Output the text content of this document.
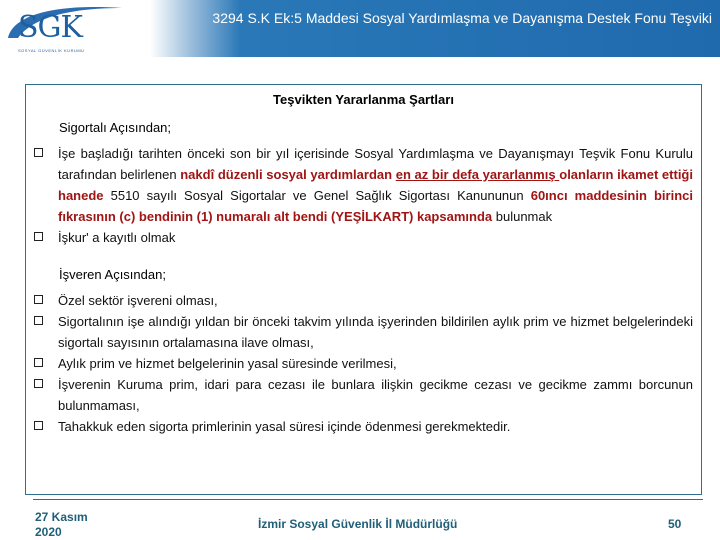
SGK
SOSYAL GÜVENLİK KURUMU
3294 S.K Ek:5 Maddesi Sosyal Yardımlaşma ve Dayanışma Destek Fonu Teşviki
Teşvikten Yararlanma Şartları
Sigortalı Açısından;
İşe başladığı tarihten önceki son bir yıl içerisinde Sosyal Yardımlaşma ve Dayanışmayı Teşvik Fonu Kurulu tarafından belirlenen nakdî düzenli sosyal yardımlardan en az bir defa yararlanmış olanların ikamet ettiği hanede 5510 sayılı Sosyal Sigortalar ve Genel Sağlık Sigortası Kanununun 60ıncı maddesinin birinci fıkrasının (c) bendinin (1) numaralı alt bendi (YEŞİLKART) kapsamında bulunmak
İşkur' a kayıtlı olmak
İşveren Açısından;
Özel sektör işvereni olması,
Sigortalının işe alındığı yıldan bir önceki takvim yılında işyerinden bildirilen aylık prim ve hizmet belgelerindeki sigortalı sayısının ortalamasına ilave olması,
Aylık prim ve hizmet belgelerinin yasal süresinde verilmesi,
İşverenin Kuruma prim, idari para cezası ile bunlara ilişkin gecikme cezası ve gecikme zammı borcunun bulunmaması,
Tahakkuk eden sigorta primlerinin yasal süresi içinde ödenmesi gerekmektedir.
27 Kasım
2020
İzmir Sosyal Güvenlik İl Müdürlüğü	50
